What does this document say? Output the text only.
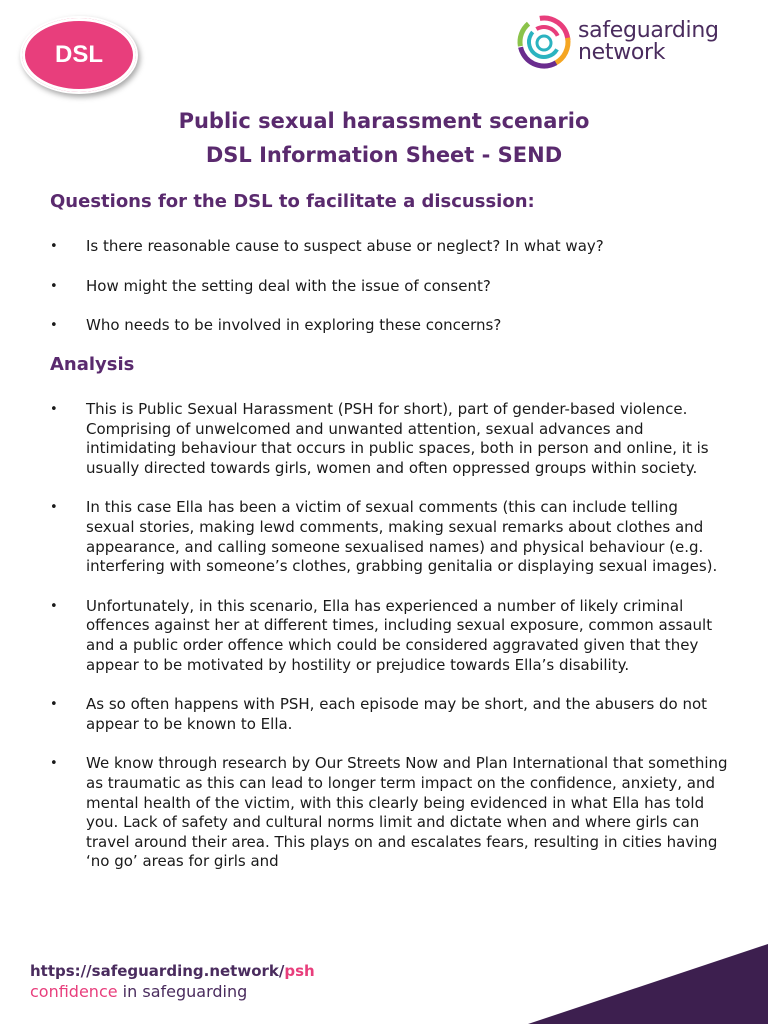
DSL
safeguarding
network
Public sexual harassment scenario
DSL Information Sheet - SEND
Questions for the DSL to facilitate a discussion:
• Is there reasonable cause to suspect abuse or neglect? In what way?
• How might the setting deal with the issue of consent?
• Who needs to be involved in exploring these concerns?
Analysis
• This is Public Sexual Harassment (PSH for short), part of gender-based violence. Comprising of unwelcomed and unwanted attention, sexual advances and intimidating behaviour that occurs in public spaces, both in person and online, it is usually directed towards girls, women and often oppressed groups within society.
• In this case Ella has been a victim of sexual comments (this can include telling sexual stories, making lewd comments, making sexual remarks about clothes and appearance, and calling someone sexualised names) and physical behaviour (e.g. interfering with someone’s clothes, grabbing genitalia or displaying sexual images).
• Unfortunately, in this scenario, Ella has experienced a number of likely criminal offences against her at different times, including sexual exposure, common assault and a public order offence which could be considered aggravated given that they appear to be motivated by hostility or prejudice towards Ella’s disability.
• As so often happens with PSH, each episode may be short, and the abusers do not appear to be known to Ella.
• We know through research by Our Streets Now and Plan International that something as traumatic as this can lead to longer term impact on the confidence, anxiety, and mental health of the victim, with this clearly being evidenced in what Ella has told you. Lack of safety and cultural norms limit and dictate when and where girls can travel around their area. This plays on and escalates fears, resulting in cities having ‘no go’ areas for girls and
https://safeguarding.network/psh
confidence in safeguarding
